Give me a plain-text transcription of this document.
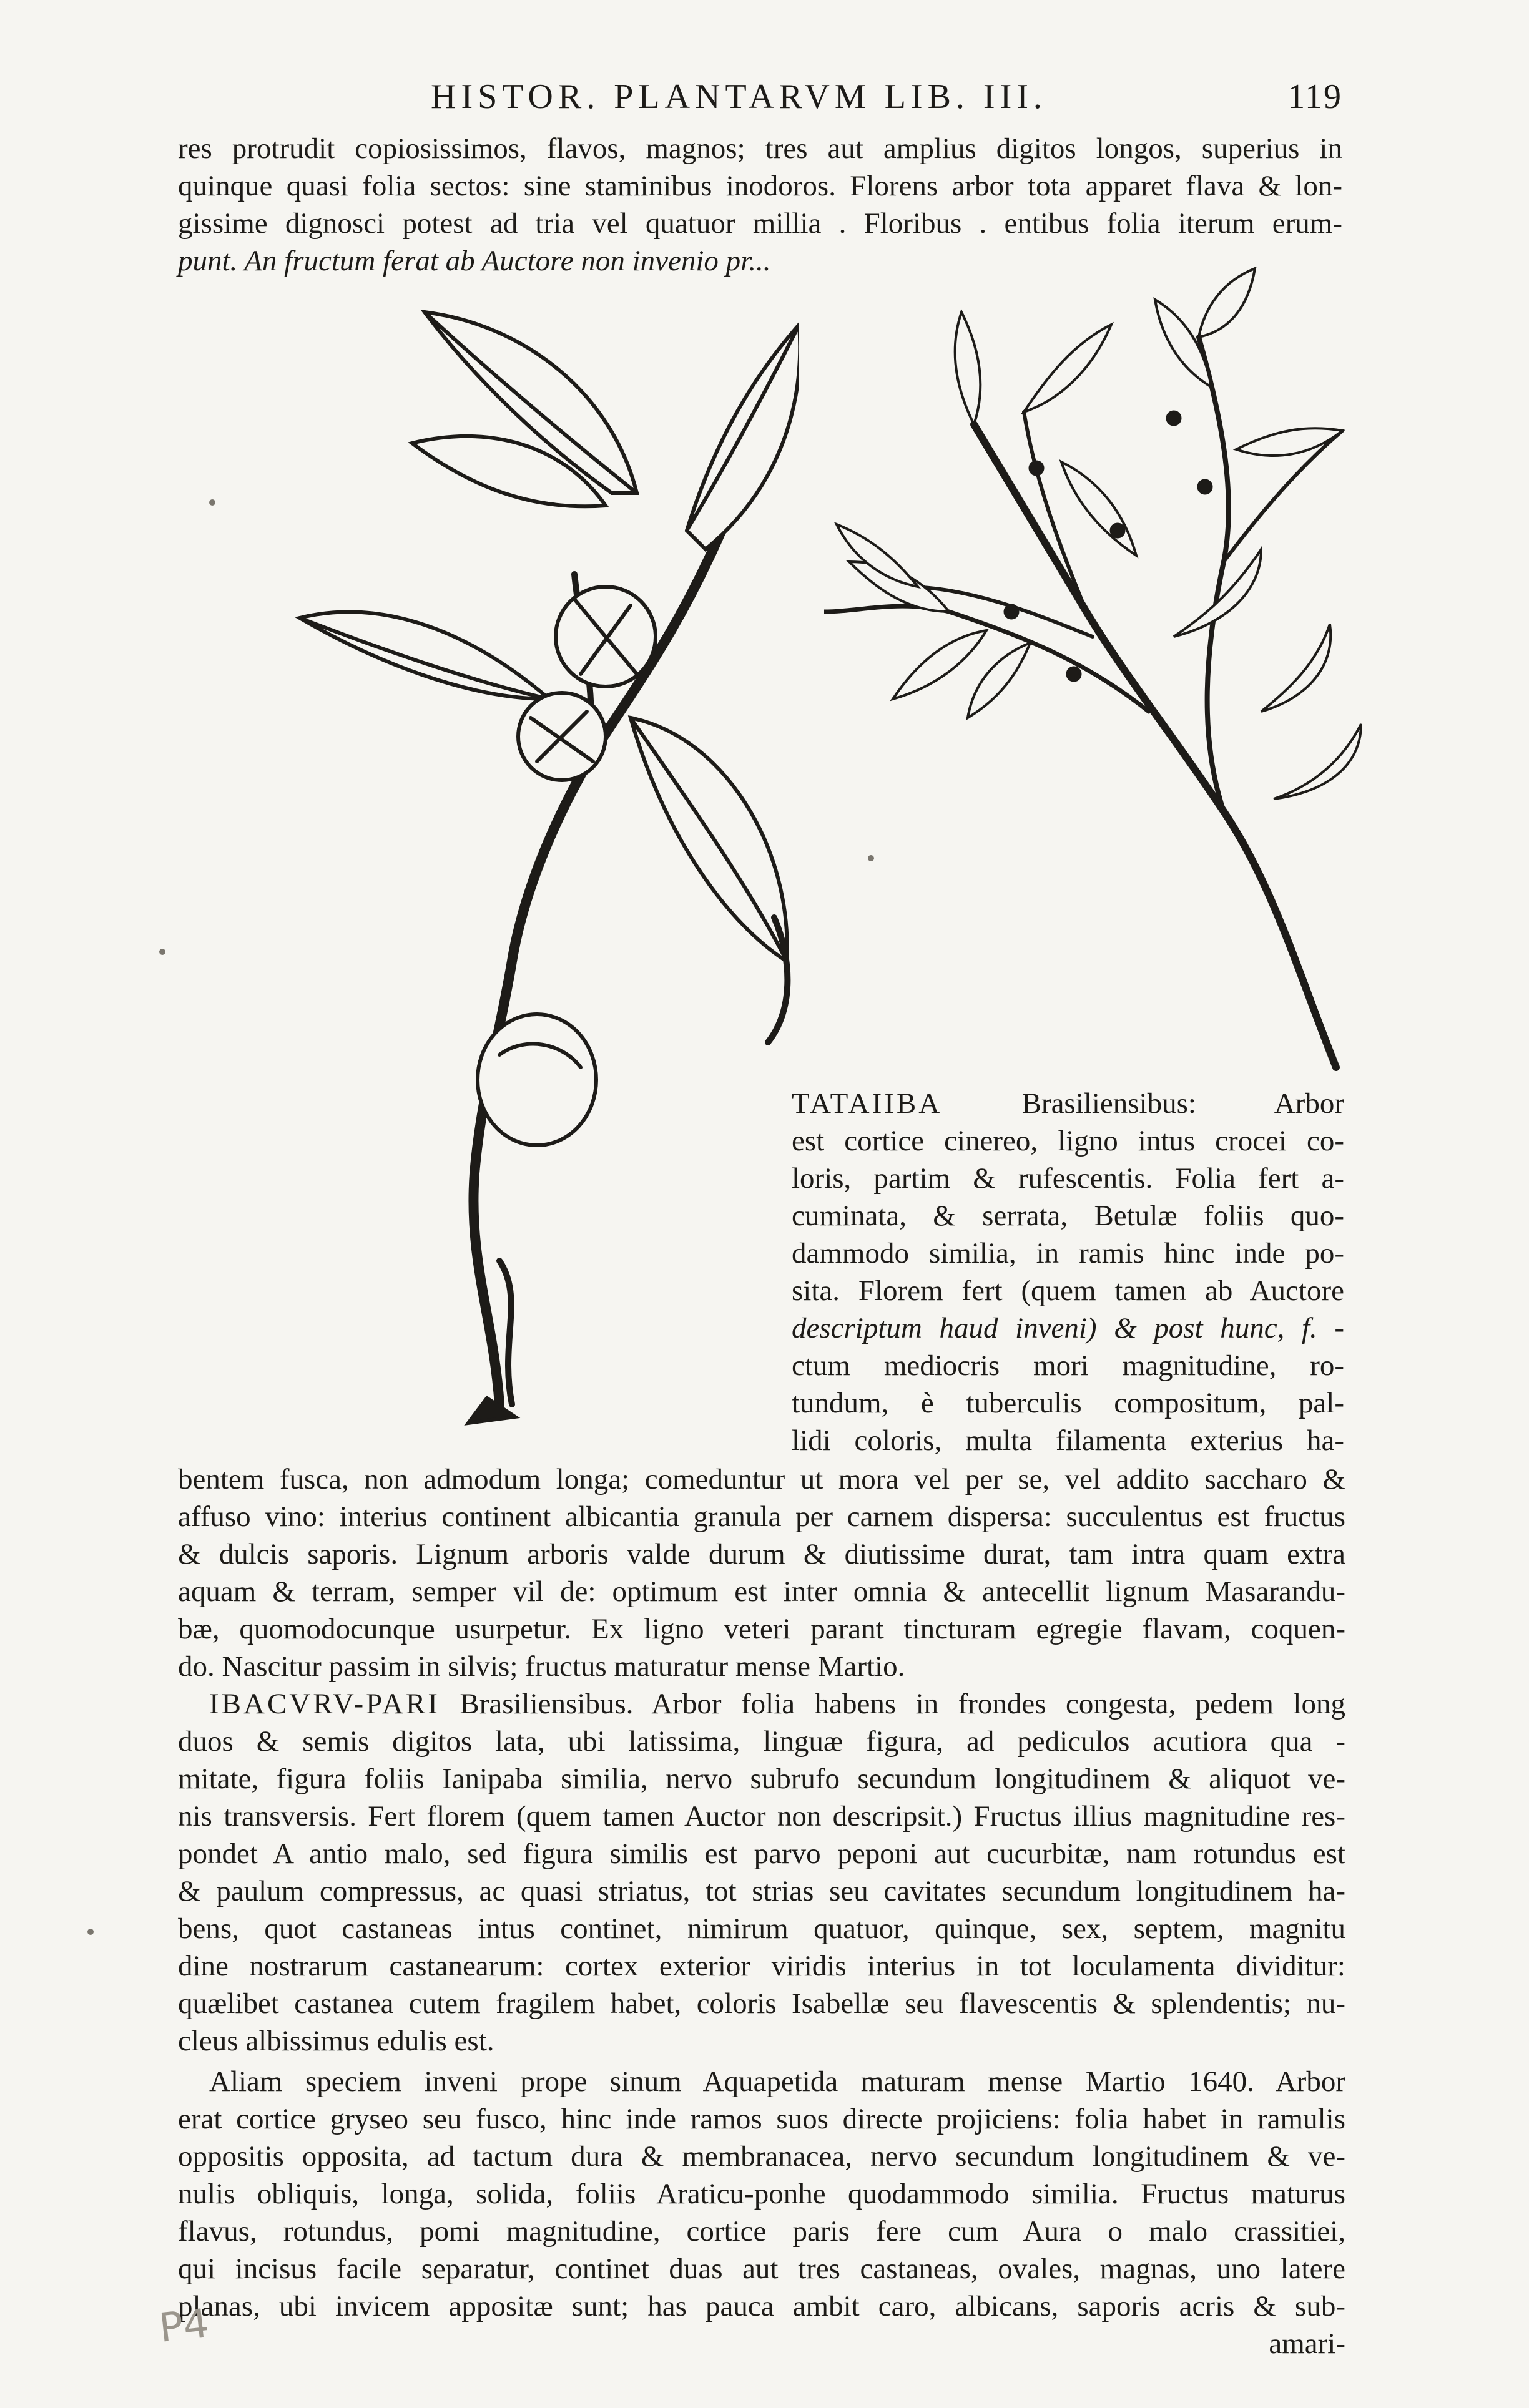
HISTOR. PLANTARVM LIB. III.	119
res protrudit copiosissimos, flavos, magnos; tres aut amplius digitos longos, superius in
quinque quasi folia sectos: sine staminibus inodoros. Florens arbor tota apparet flava & lon-
gissime dignosci potest ad tria vel quatuor millia . Floribus . entibus folia iterum erum-
punt. An fructum ferat ab Auctore non invenio pr...
TATAIIBA	Brasiliensibus: Arbor
est cortice cinereo, ligno intus crocei co-
loris, partim & rufescentis. Folia fert a-
cuminata, & serrata, Betulæ foliis quo-
dammodo similia, in ramis hinc inde po-
sita. Florem fert (quem tamen ab Auctore
descriptum haud inveni) & post hunc, f. -
ctum mediocris mori magnitudine, ro-
tundum, è tuberculis compositum, pal-
lidi coloris, multa filamenta exterius ha-
bentem fusca, non admodum longa; comeduntur ut mora vel per se, vel addito saccharo &
affuso vino: interius continent albicantia granula per carnem dispersa: succulentus est fructus
& dulcis saporis. Lignum arboris valde durum & diutissime durat, tam intra quam extra
aquam & terram, semper vil de: optimum est inter omnia & antecellit lignum Masarandu-
bæ, quomodocunque usurpetur. Ex ligno veteri parant tincturam egregie flavam, coquen-
do. Nascitur passim in silvis; fructus maturatur mense Martio.
IBACVRV-PARI Brasiliensibus. Arbor folia habens in frondes congesta, pedem long
duos & semis digitos lata, ubi latissima, linguæ figura, ad pediculos acutiora qua -
mitate, figura foliis Ianipaba similia, nervo subrufo secundum longitudinem & aliquot ve-
nis transversis. Fert florem (quem tamen Auctor non descripsit.) Fructus illius magnitudine res-
pondet A antio malo, sed figura similis est parvo peponi aut cucurbitæ, nam rotundus est
& paulum compressus, ac quasi striatus, tot strias seu cavitates secundum longitudinem ha-
bens, quot castaneas intus continet, nimirum quatuor, quinque, sex, septem, magnitu
dine nostrarum castanearum: cortex exterior viridis interius in tot loculamenta dividitur:
quælibet castanea cutem fragilem habet, coloris Isabellæ seu flavescentis & splendentis; nu-
cleus albissimus edulis est.
Aliam speciem inveni prope sinum Aquapetida maturam mense Martio 1640. Arbor
erat cortice gryseo seu fusco, hinc inde ramos suos directe projiciens: folia habet in ramulis
oppositis opposita, ad tactum dura & membranacea, nervo secundum longitudinem & ve-
nulis obliquis, longa, solida, foliis Araticu-ponhe quodammodo similia. Fructus maturus
flavus, rotundus, pomi magnitudine, cortice paris fere cum Aura o malo crassitiei,
qui incisus facile separatur, continet duas aut tres castaneas, ovales, magnas, uno latere
planas, ubi invicem appositæ sunt; has pauca ambit caro, albicans, saporis acris & sub-
amari-
P4
